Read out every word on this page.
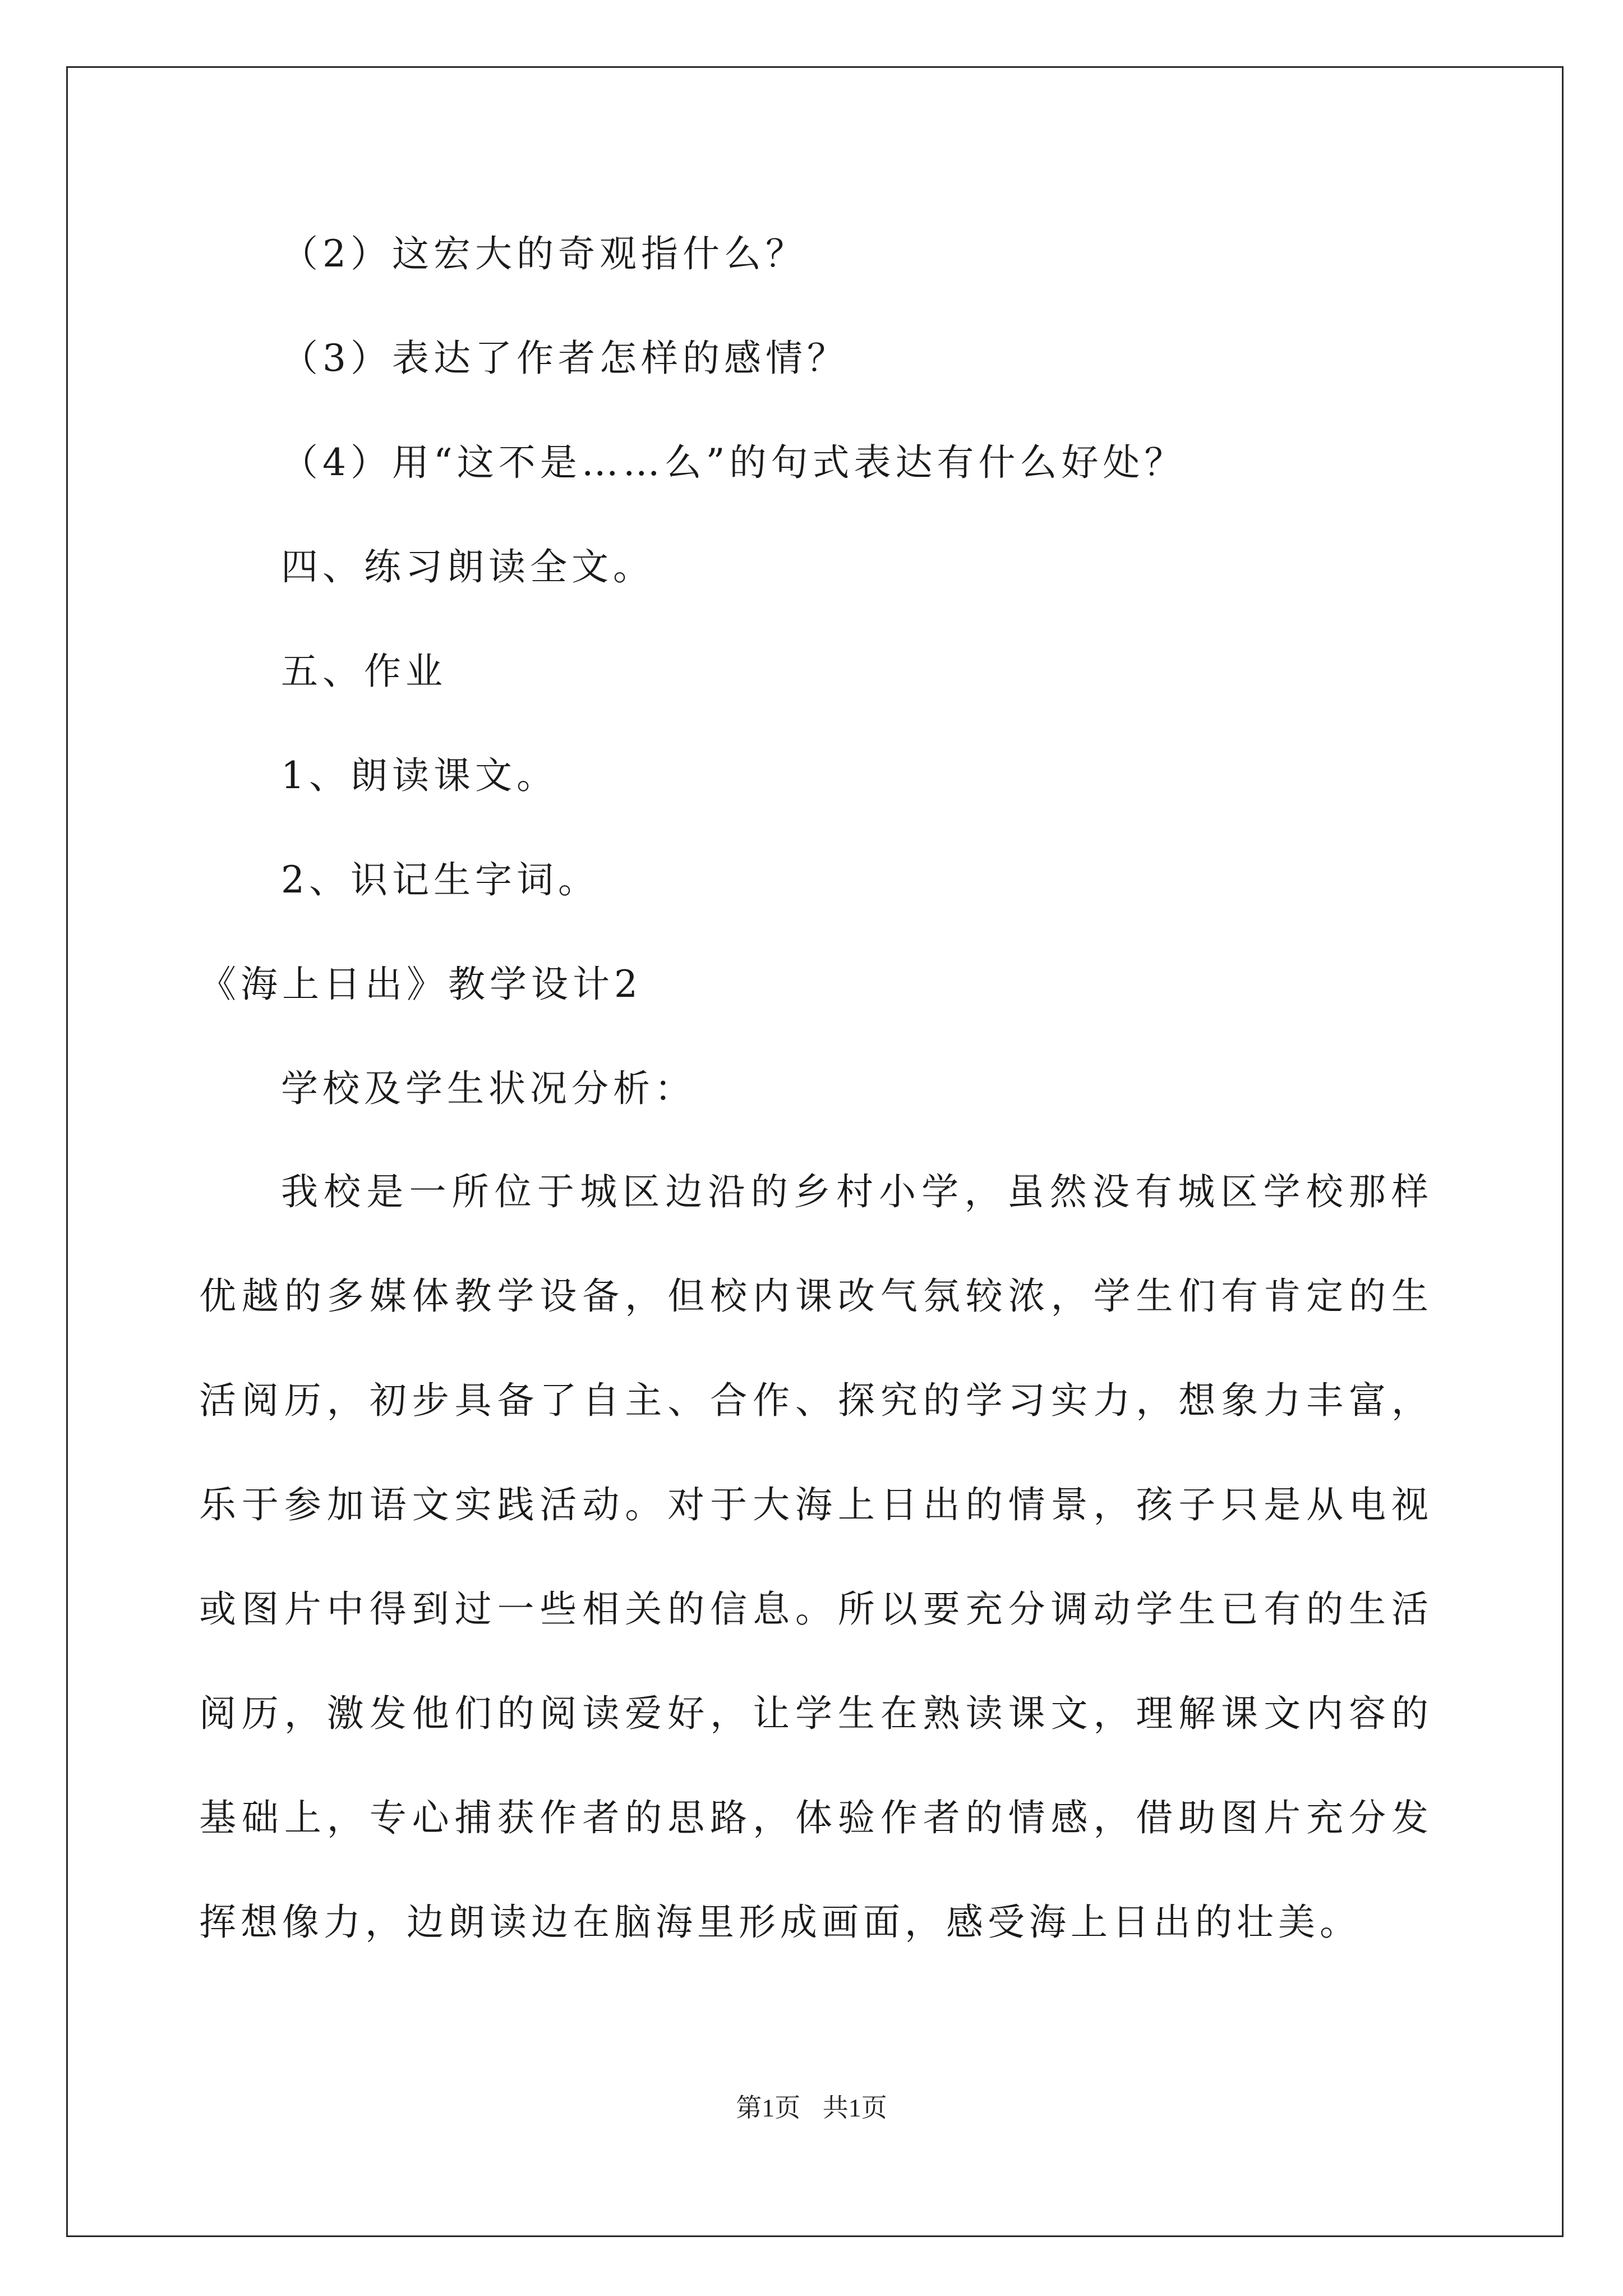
（2）这宏大的奇观指什么？
（3）表达了作者怎样的感情？
（4）用“这不是……么”的句式表达有什么好处？
四、练习朗读全文。
五、作业
1、朗读课文。
2、识记生字词。
《海上日出》教学设计2
学校及学生状况分析：
我校是一所位于城区边沿的乡村小学，虽然没有城区学校那样优越的多媒体教学设备，但校内课改气氛较浓，学生们有肯定的生活阅历，初步具备了自主、合作、探究的学习实力，想象力丰富，乐于参加语文实践活动。对于大海上日出的情景，孩子只是从电视或图片中得到过一些相关的信息。所以要充分调动学生已有的生活阅历，激发他们的阅读爱好，让学生在熟读课文，理解课文内容的基础上，专心捕获作者的思路，体验作者的情感，借助图片充分发挥想像力，边朗读边在脑海里形成画面，感受海上日出的壮美。
第1页 共1页
